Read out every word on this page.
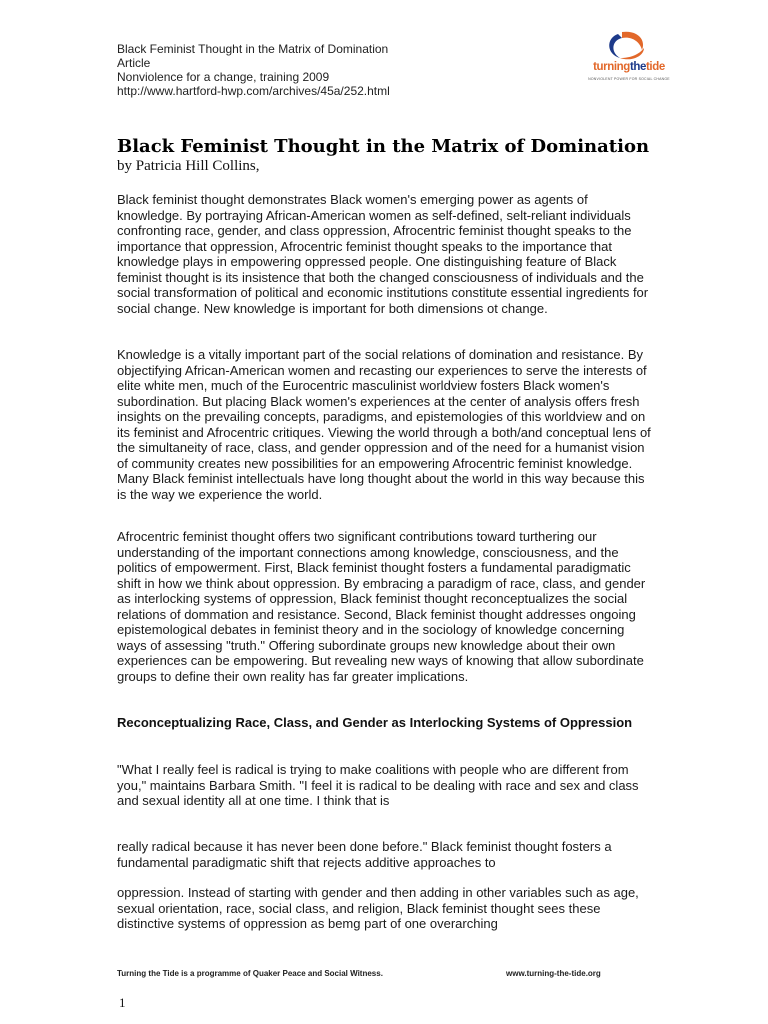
Black Feminist Thought in the Matrix of Domination
Article
Nonviolence for a change, training 2009
http://www.hartford-hwp.com/archives/45a/252.html
turningthetide
NONVIOLENT POWER FOR SOCIAL CHANGE
Black Feminist Thought in the Matrix of Domination
by Patricia Hill Collins,

Black feminist thought demonstrates Black women's emerging power as agents of knowledge. By portraying African-American women as self-defined, selt-reliant individuals confronting race, gender, and class oppression, Afrocentric feminist thought speaks to the importance that oppression, Afrocentric feminist thought speaks to the importance that knowledge plays in empowering oppressed people. One distinguishing feature of Black feminist thought is its insistence that both the changed consciousness of individuals and the social transformation of political and economic institutions constitute essential ingredients for social change. New knowledge is important for both dimensions ot change.

Knowledge is a vitally important part of the social relations of domination and resistance. By objectifying African-American women and recasting our experiences to serve the interests of elite white men, much of the Eurocentric masculinist worldview fosters Black women's subordination. But placing Black women's experiences at the center of analysis offers fresh insights on the prevailing concepts, paradigms, and epistemologies of this worldview and on its feminist and Afrocentric critiques. Viewing the world through a both/and conceptual lens of the simultaneity of race, class, and gender oppression and of the need for a humanist vision of community creates new possibilities for an empowering Afrocentric feminist knowledge. Many Black feminist intellectuals have long thought about the world in this way because this is the way we experience the world.

Afrocentric feminist thought offers two significant contributions toward turthering our understanding of the important connections among knowledge, consciousness, and the politics of empowerment. First, Black feminist thought fosters a fundamental paradigmatic shift in how we think about oppression. By embracing a paradigm of race, class, and gender as interlocking systems of oppression, Black feminist thought reconceptualizes the social relations of dommation and resistance. Second, Black feminist thought addresses ongoing epistemological debates in feminist theory and in the sociology of knowledge concerning ways of assessing "truth." Offering subordinate groups new knowledge about their own experiences can be empowering. But revealing new ways of knowing that allow subordinate groups to define their own reality has far greater implications.

Reconceptualizing Race, Class, and Gender as Interlocking Systems of Oppression

"What I really feel is radical is trying to make coalitions with people who are different from you," maintains Barbara Smith. "I feel it is radical to be dealing with race and sex and class and sexual identity all at one time. I think that is

really radical because it has never been done before." Black feminist thought fosters a fundamental paradigmatic shift that rejects additive approaches to

oppression. Instead of starting with gender and then adding in other variables such as age, sexual orientation, race, social class, and religion, Black feminist thought sees these distinctive systems of oppression as bemg part of one overarching

Turning the Tide is a programme of Quaker Peace and Social Witness.	www.turning-the-tide.org
1
